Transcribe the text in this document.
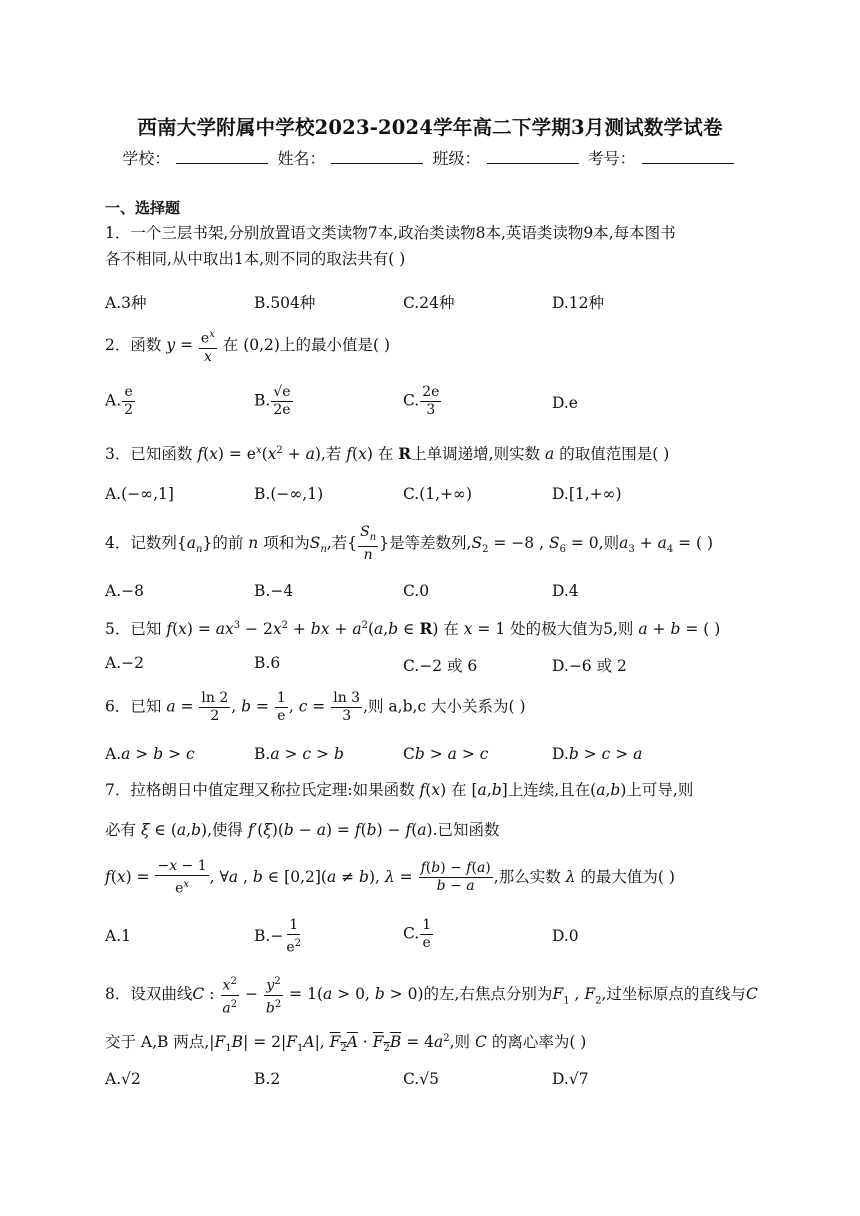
西南大学附属中学校2023-2024学年高二下学期3月测试数学试卷
学校：	姓名：	班级：	考号：
一、选择题
1．一个三层书架,分别放置语文类读物7本,政治类读物8本,英语类读物9本,每本图书
各不相同,从中取出1本,则不同的取法共有( )
A.3种	B.504种	C.24种	D.12种
2．函数 $y = \frac{e^x}{x}$ 在 (0,2)上的最小值是( )
A. $\frac{e}{2}$	B. $\frac{√e}{2e}$	C. $\frac{2e}{3}$	D.e
3．已知函数 $f(x) = e^x(x^2 + a)$,若 f(x) 在 R上单调递增,则实数 a 的取值范围是( )
A.(−∞,1]	B.(−∞,1)	C.(1,+∞)	D.[1,+∞)
4．记数列$\{a_n\}$的前 n 项和为$S_n$,若{ $\frac{S_n}{n}$ }是等差数列$,S_2 = -8$ , $S_6 = 0$,则$a_3 + a_4$ = ( )
A.−8	B.−4	C.0	D.4
5．已知 $f(x) = ax^3 - 2x^2$ + bx + $a^2(a,b$ ∈ R) 在 x = 1 处的极大值为5,则 a + b = ( )
A.−2	B.6	C.−2 或 6	D.−6 或 2
6．已知 $a = \frac{\ln 2}{2}$ , $b = \frac{1}{e}$ , $c = \frac{\ln 3}{3}$ ,则 a,b,c 大小关系为( )
A.a > b > c	B.a > c > b	Cb > a > c	D.b > c > a
7．拉格朗日中值定理又称拉氏定理:如果函数 f(x) 在 [a,b]上连续,且在(a,b)上可导,则
必有 ξ ∈ (a,b),使得 f′(ξ)(b − a) = f(b) − f(a).已知函数
$f(x) = \frac{-x - 1}{e^x}$ , ∀a , b ∈ [0,2](a ≠ b), $\lambda = \frac{f(b) - f(a)}{b - a}$ ,那么实数 λ 的最大值为( )
A.1	$B.- \frac{1}{e^2}$	C. $\frac{1}{e}$	D.0
8．设双曲线C : $\frac{x^2}{a^2} - \frac{y^2}{b^2} = 1(a > 0$, b > 0)的左,右焦点分别为$F_1$ , $F_2$,过坐标原点的直线与C
交于 A,B 两点$,|F_1B| = 2|F_1A|$, $F_2A \cdot F_2B = 4a^2$,则 C 的离心率为( )
A.√2	B.2	C.√5	D.√7
